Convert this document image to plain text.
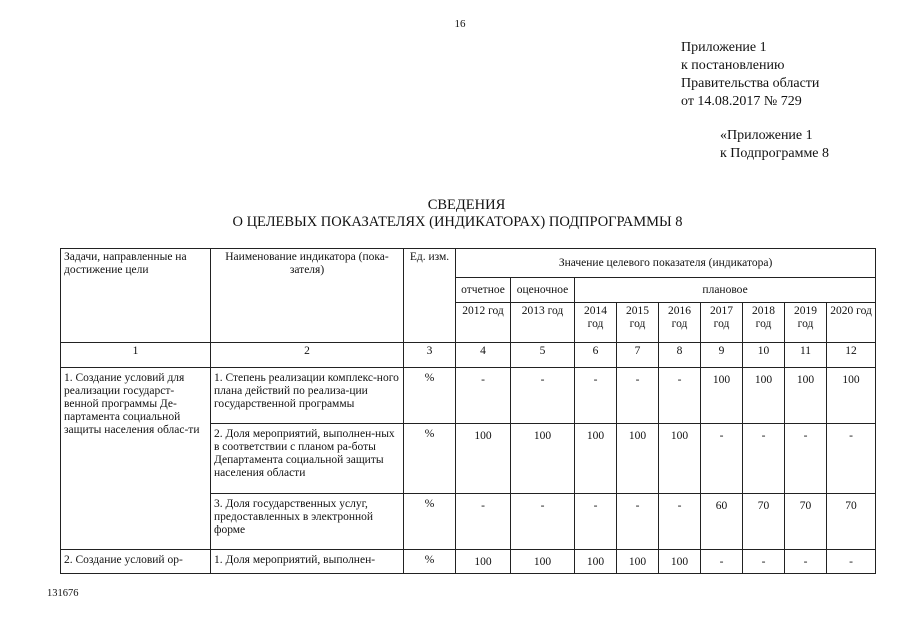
16
Приложение 1
к постановлению
Правительства области
от 14.08.2017 № 729
«Приложение 1
к Подпрограмме 8
СВЕДЕНИЯ
О ЦЕЛЕВЫХ ПОКАЗАТЕЛЯХ (ИНДИКАТОРАХ) ПОДПРОГРАММЫ 8
Задачи, направленные на достижение цели	Наименование индикатора (пока-зателя)	Ед. изм.	Значение целевого показателя (индикатора)								
			отчетное	оценочное	плановое						
			2012 год	2013 год	2014 год	2015 год	2016 год	2017 год	2018 год	2019 год	2020 год
1	2	3	4	5	6	7	8	9	10	11	12
1. Создание условий для реализации государст-венной программы Де-партамента социальной защиты населения облас-ти	1. Степень реализации комплекс-ного плана действий по реализа-ции государственной программы	%	-	-	-	-	-	100	100	100	100
	2. Доля мероприятий, выполнен-ных в соответствии с планом ра-боты Департамента социальной защиты населения области	%	100	100	100	100	100	-	-	-	-
	3. Доля государственных услуг, предоставленных в электронной форме	%	-	-	-	-	-	60	70	70	70
2. Создание условий ор-	1. Доля мероприятий, выполнен-	%	100	100	100	100	100	-	-	-	-
131676
